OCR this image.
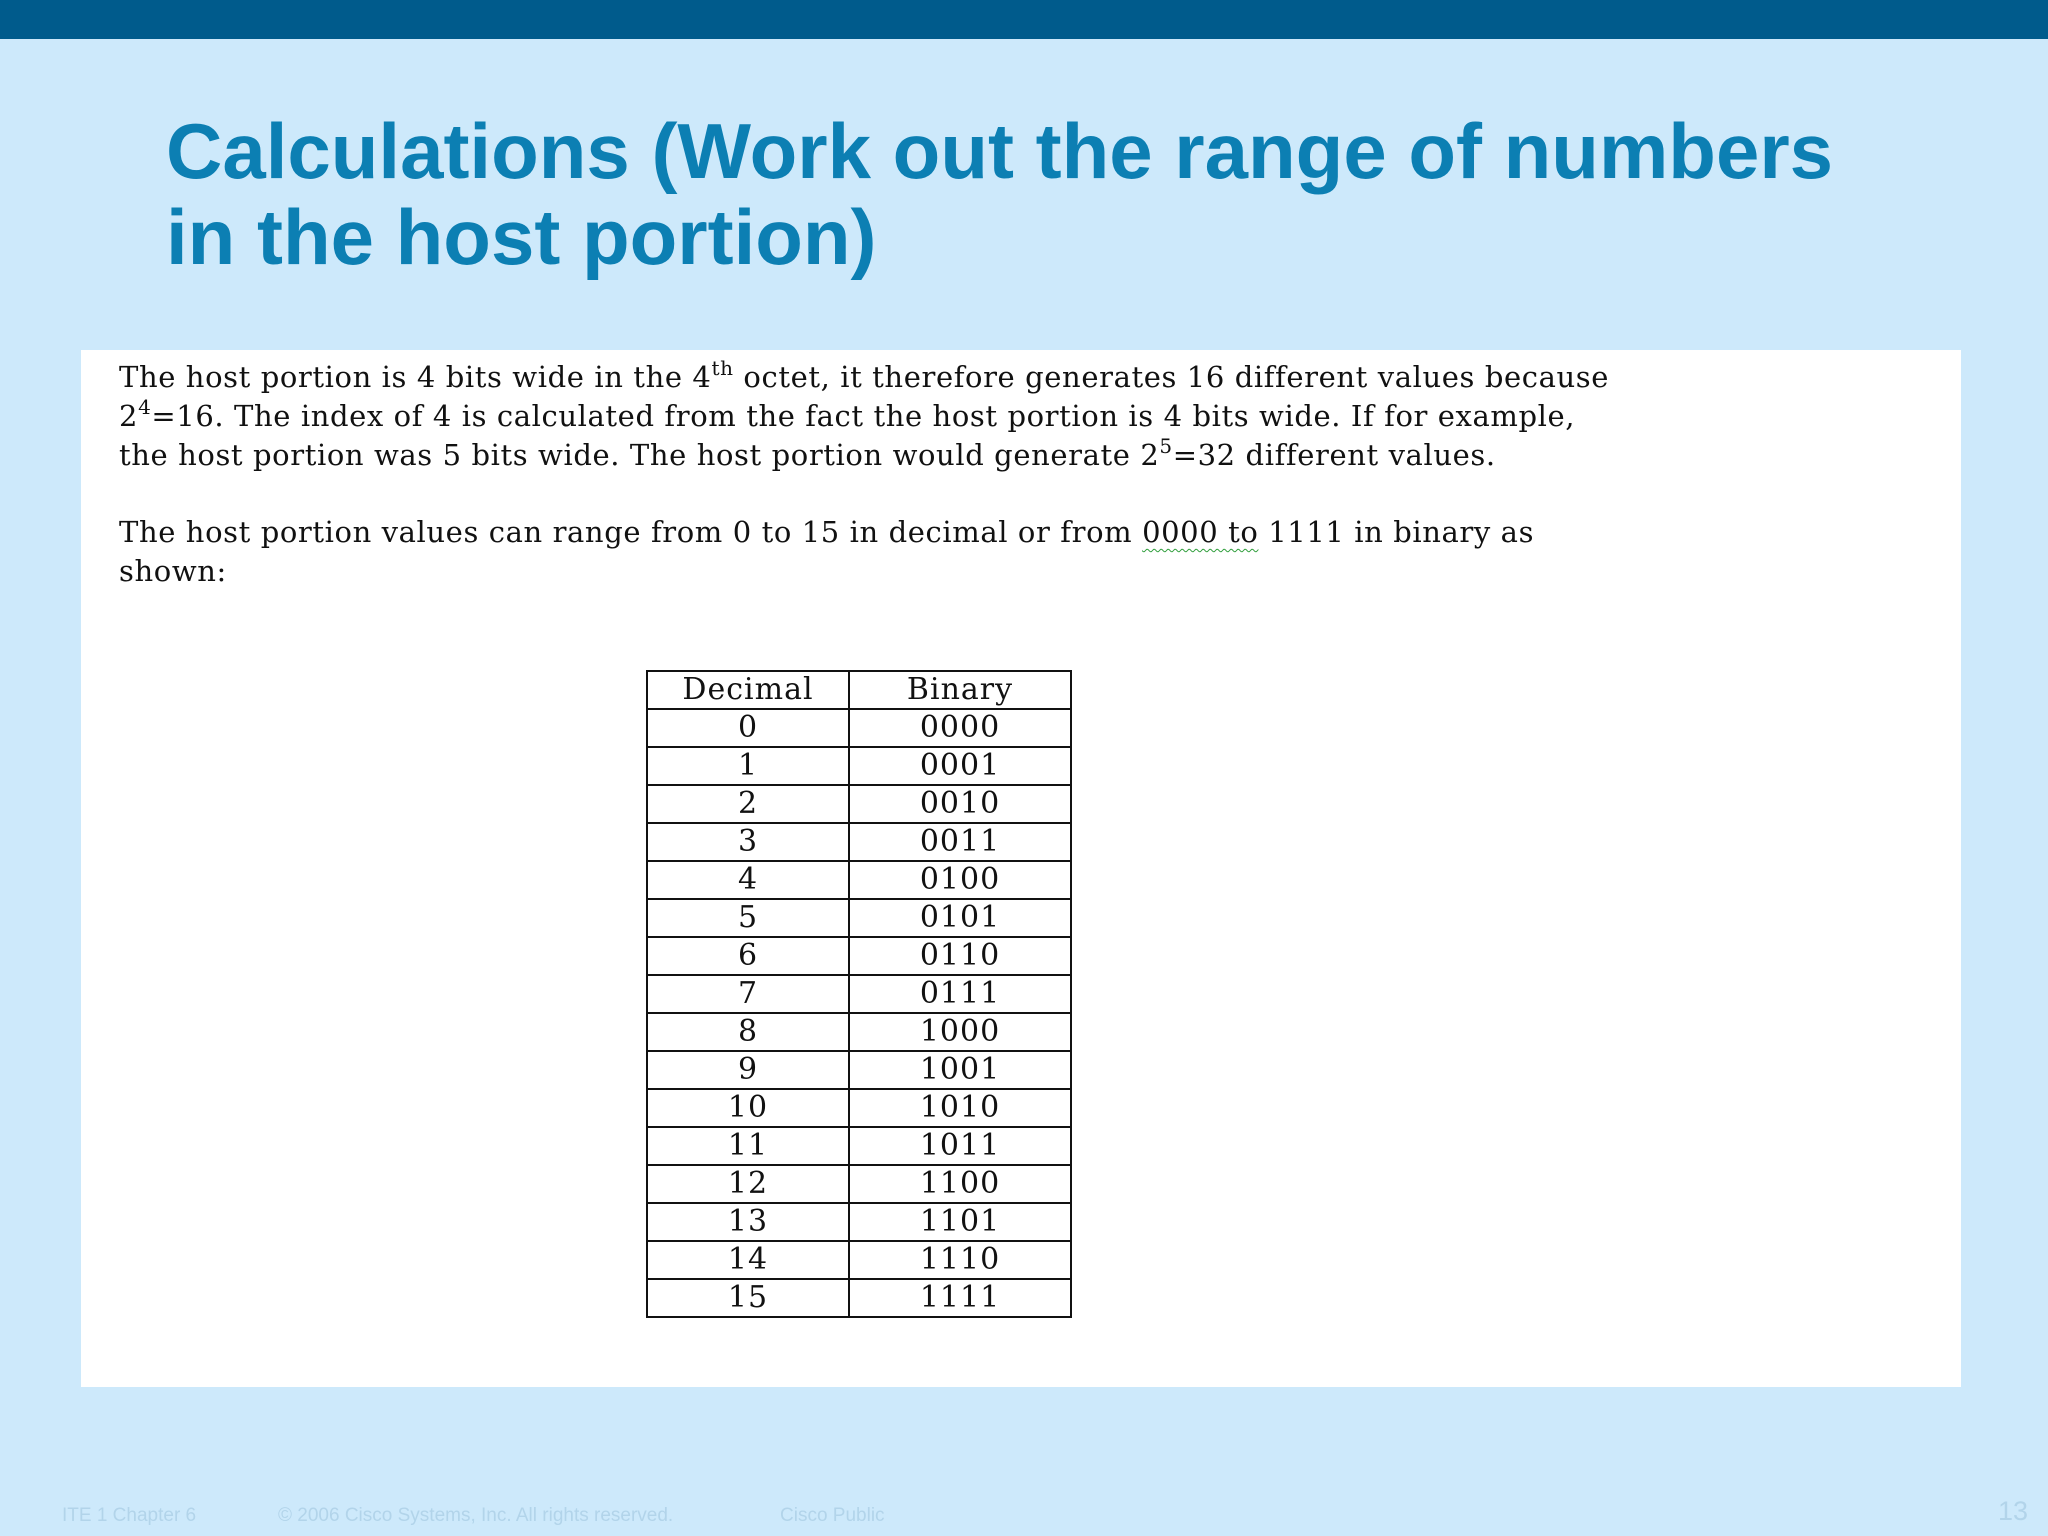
Calculations (Work out the range of numbers
in the host portion)

The host portion is 4 bits wide in the 4th octet, it therefore generates 16 different values because
$2^4=16$. The index of 4 is calculated from the fact the host portion is 4 bits wide. If for example,
the host portion was 5 bits wide. The host portion would generate $2^5=32$ different values.

The host portion values can range from 0 to 15 in decimal or from 0000 to 1111 in binary as
shown:

Decimal	Binary
0	0000
1	0001
2	0010
3	0011
4	0100
5	0101
6	0110
7	0111
8	1000
9	1001
10	1010
11	1011
12	1100
13	1101
14	1110
15	1111
ITE 1 Chapter 6	© 2006 Cisco Systems, Inc. All rights reserved.	Cisco Public	13
